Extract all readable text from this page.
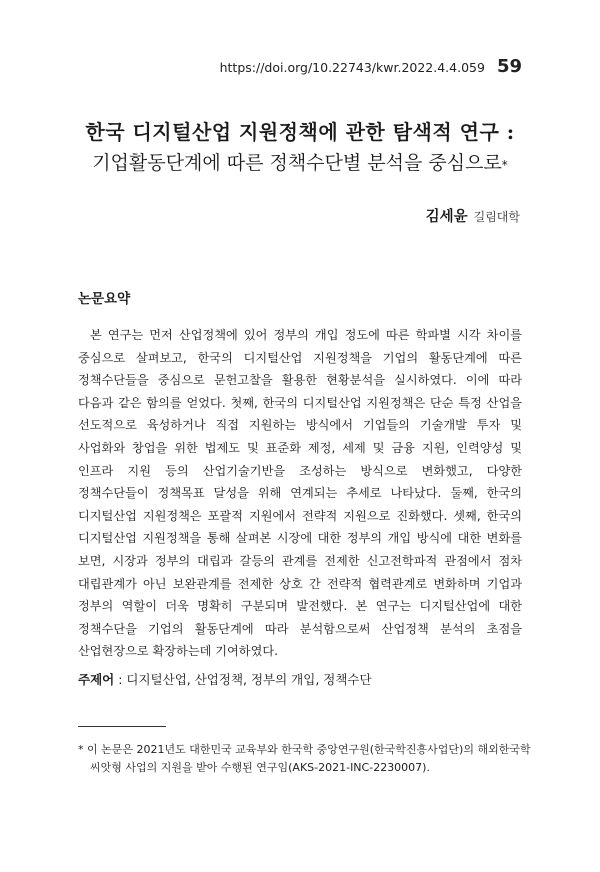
https://doi.org/10.22743/kwr.2022.4.4.059 59
한국 디지털산업 지원정책에 관한 탐색적 연구 :
기업활동단계에 따른 정책수단별 분석을 중심으로*
김세윤 길림대학
논문요약

본 연구는 먼저 산업정책에 있어 정부의 개입 정도에 따른 학파별 시각 차이를 중심으로 살펴보고, 한국의 디지털산업 지원정책을 기업의 활동단계에 따른 정책수단들을 중심으로 문헌고찰을 활용한 현황분석을 실시하였다. 이에 따라 다음과 같은 함의를 얻었다. 첫째, 한국의 디지털산업 지원정책은 단순 특정 산업을 선도적으로 육성하거나 직접 지원하는 방식에서 기업들의 기술개발 투자 및 사업화와 창업을 위한 법제도 및 표준화 제정, 세제 및 금융 지원, 인력양성 및 인프라 지원 등의 산업기술기반을 조성하는 방식으로 변화했고, 다양한 정책수단들이 정책목표 달성을 위해 연계되는 추세로 나타났다. 둘째, 한국의 디지털산업 지원정책은 포괄적 지원에서 전략적 지원으로 진화했다. 셋째, 한국의 디지털산업 지원정책을 통해 살펴본 시장에 대한 정부의 개입 방식에 대한 변화를 보면, 시장과 정부의 대립과 갈등의 관계를 전제한 신고전학파적 관점에서 점차 대립관계가 아닌 보완관계를 전제한 상호 간 전략적 협력관계로 변화하며 기업과 정부의 역할이 더욱 명확히 구분되며 발전했다. 본 연구는 디지털산업에 대한 정책수단을 기업의 활동단계에 따라 분석함으로써 산업정책 분석의 초점을 산업현장으로 확장하는데 기여하였다.

주제어 : 디지털산업, 산업정책, 정부의 개입, 정책수단
* 이 논문은 2021년도 대한민국 교육부와 한국학 중앙연구원(한국학진흥사업단)의 해외한국학 씨앗형 사업의 지원을 받아 수행된 연구임(AKS-2021-INC-2230007).
